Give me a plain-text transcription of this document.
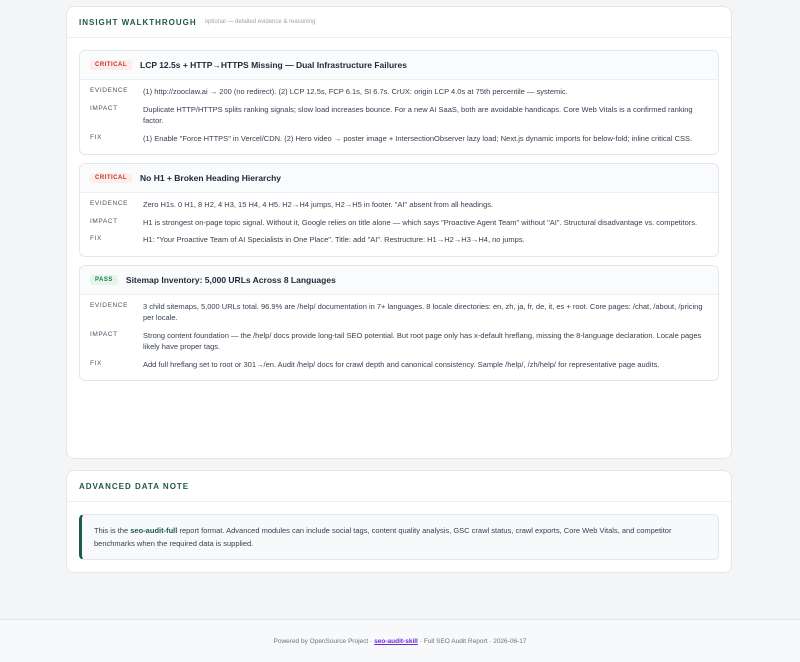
INSIGHT WALKTHROUGH optional — detailed evidence & reasoning
CRITICAL	LCP 12.5s + HTTP→HTTPS Missing — Dual Infrastructure Failures
EVIDENCE	(1) http://zooclaw.ai → 200 (no redirect). (2) LCP 12.5s, FCP 6.1s, SI 6.7s. CrUX: origin LCP 4.0s at 75th percentile — systemic.
IMPACT	Duplicate HTTP/HTTPS splits ranking signals; slow load increases bounce. For a new AI SaaS, both are avoidable handicaps. Core Web Vitals is a confirmed ranking factor.
FIX	(1) Enable "Force HTTPS" in Vercel/CDN. (2) Hero video → poster image + IntersectionObserver lazy load; Next.js dynamic imports for below-fold; inline critical CSS.
CRITICAL	No H1 + Broken Heading Hierarchy
EVIDENCE	Zero H1s. 0 H1, 8 H2, 4 H3, 15 H4, 4 H5. H2→H4 jumps, H2→H5 in footer. "AI" absent from all headings.
IMPACT	H1 is strongest on-page topic signal. Without it, Google relies on title alone — which says "Proactive Agent Team" without "AI". Structural disadvantage vs. competitors.
FIX	H1: "Your Proactive Team of AI Specialists in One Place". Title: add "AI". Restructure: H1→H2→H3→H4, no jumps.
PASS	Sitemap Inventory: 5,000 URLs Across 8 Languages
EVIDENCE	3 child sitemaps, 5,000 URLs total. 96.9% are /help/ documentation in 7+ languages. 8 locale directories: en, zh, ja, fr, de, it, es + root. Core pages: /chat, /about, /pricing per locale.
IMPACT	Strong content foundation — the /help/ docs provide long-tail SEO potential. But root page only has x-default hreflang, missing the 8-language declaration. Locale pages likely have proper tags.
FIX	Add full hreflang set to root or 301→/en. Audit /help/ docs for crawl depth and canonical consistency. Sample /help/, /zh/help/ for representative page audits.
ADVANCED DATA NOTE
This is the seo-audit-full report format. Advanced modules can include social tags, content quality analysis, GSC crawl status, crawl exports, Core Web Vitals, and competitor benchmarks when the required data is supplied.
Powered by OpenSource Project · seo-audit-skill · Full SEO Audit Report · 2026-06-17
